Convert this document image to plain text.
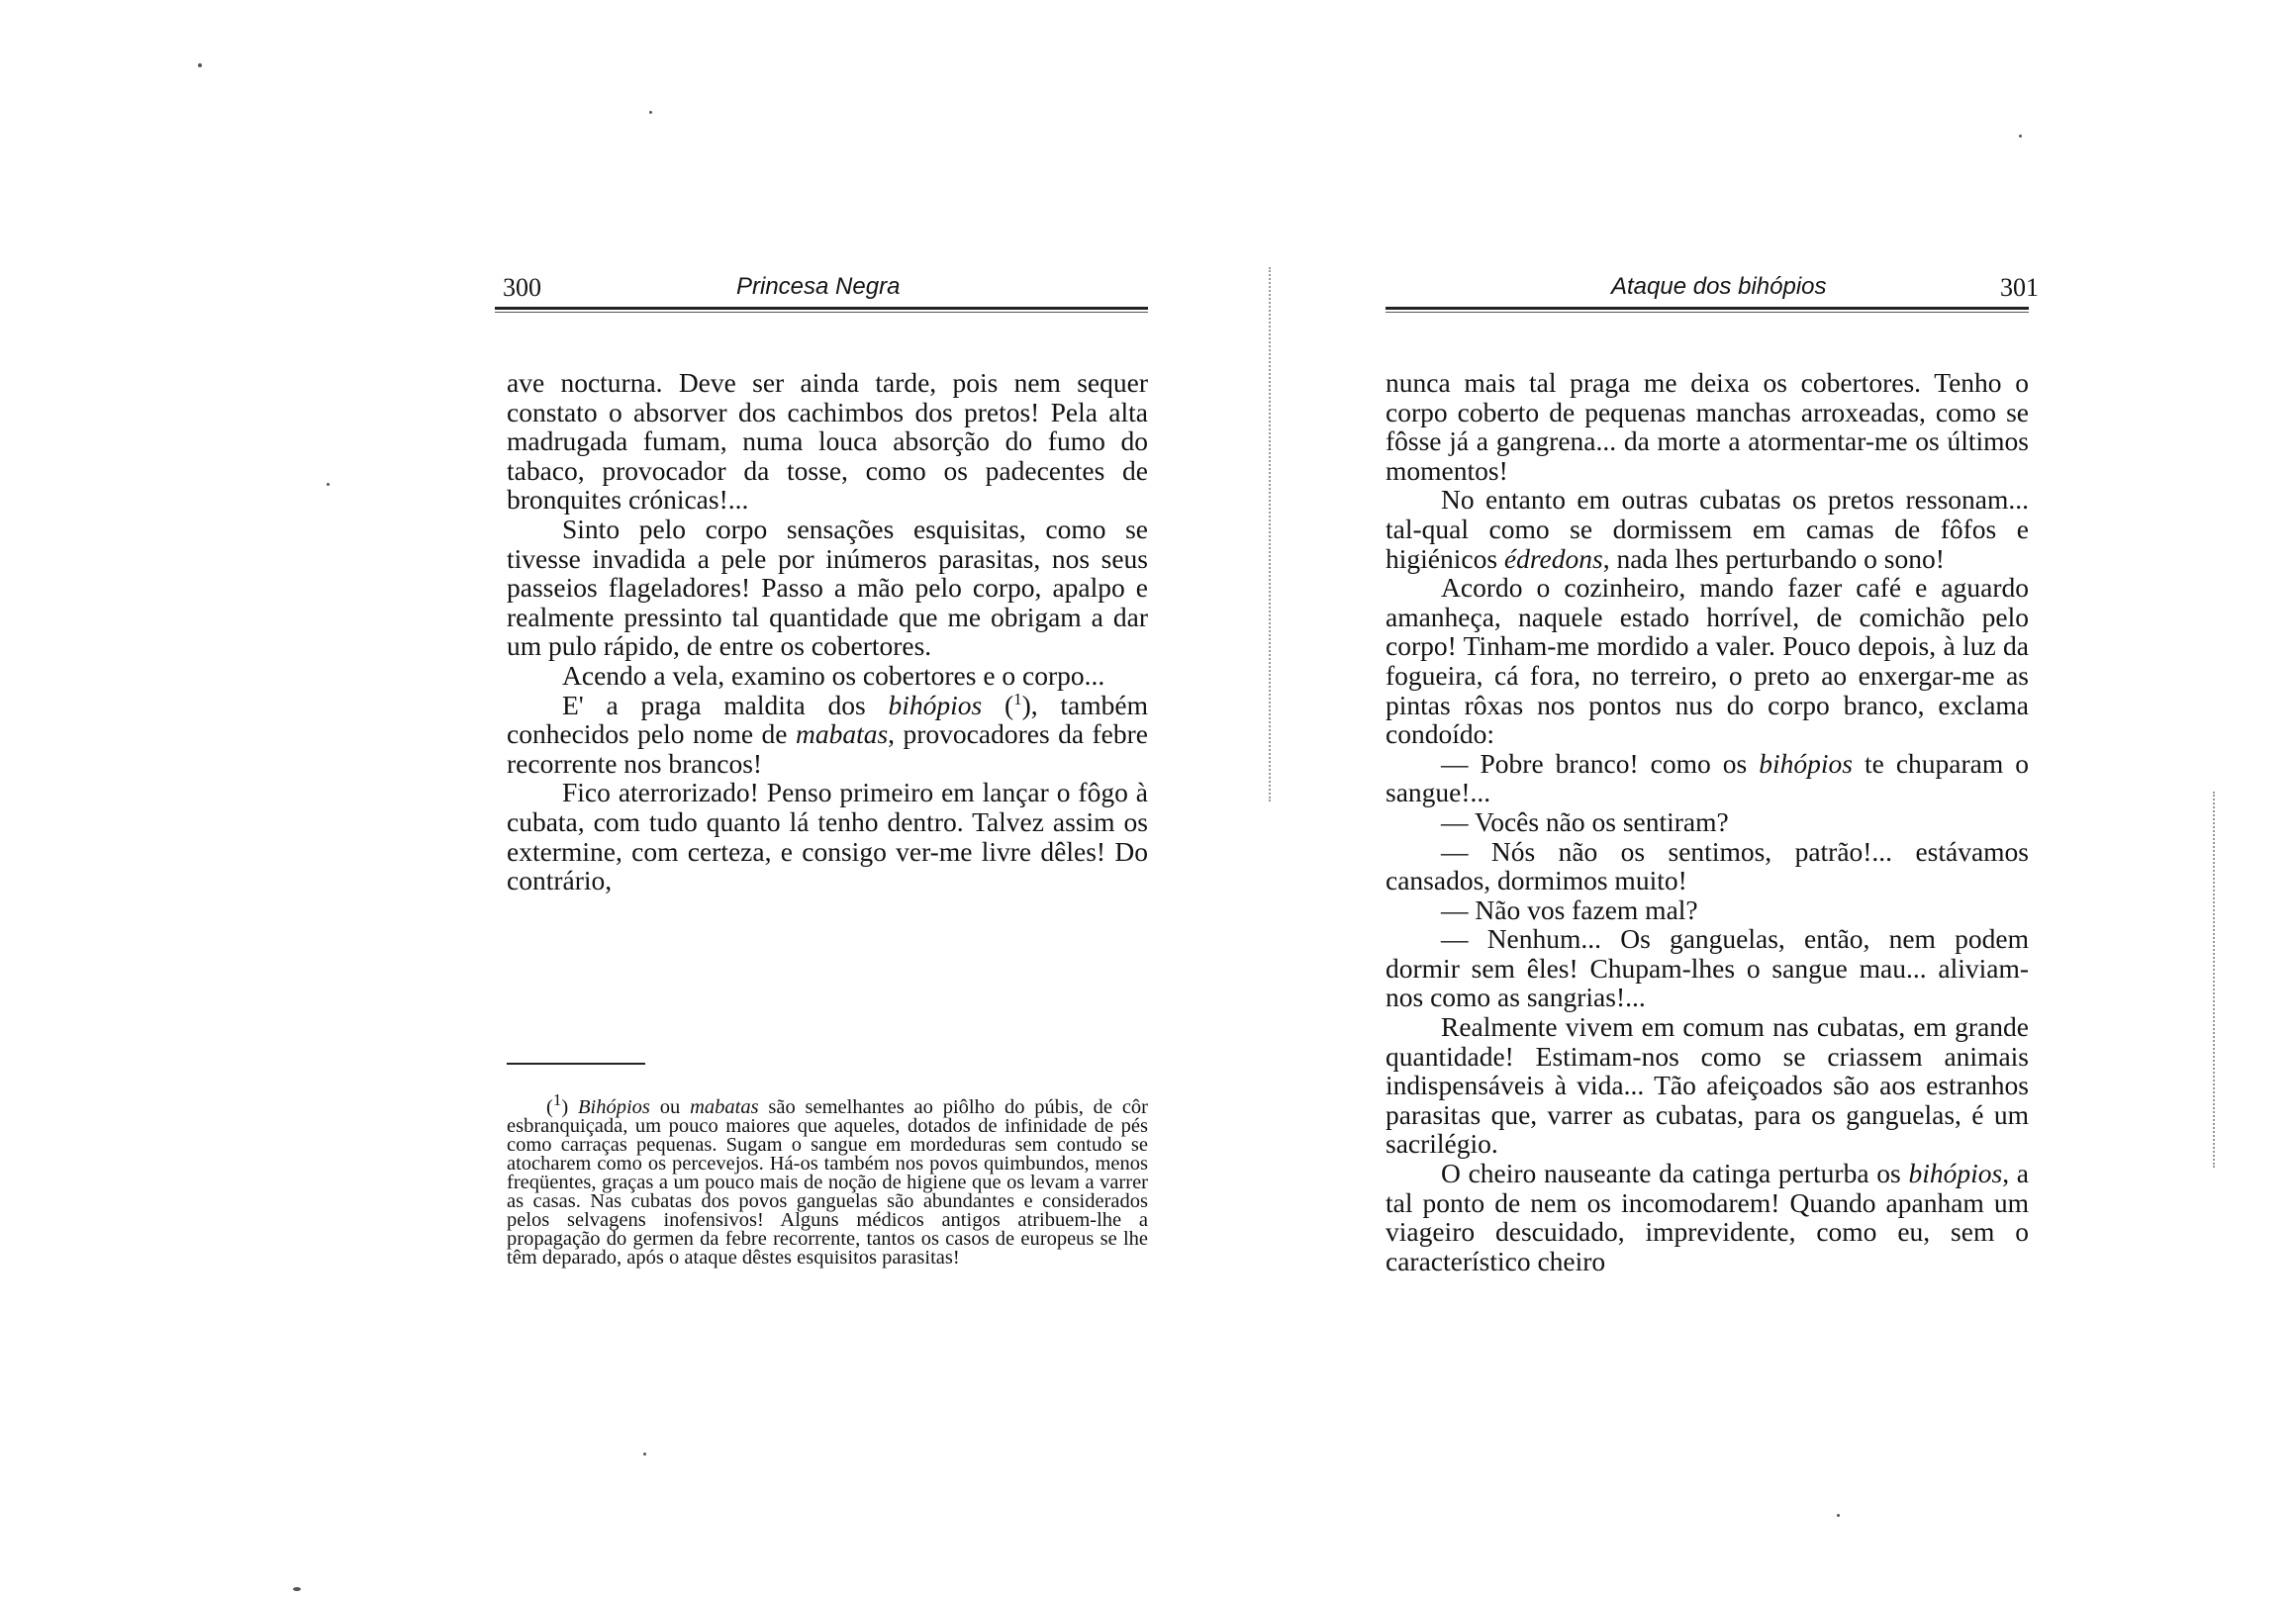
300	Princesa Negra

ave nocturna. Deve ser ainda tarde, pois nem sequer constato o absorver dos cachimbos dos pretos! Pela alta madrugada fumam, numa louca absorção do fumo do tabaco, provocador da tosse, como os padecentes de bronquites crónicas!...

Sinto pelo corpo sensações esquisitas, como se tivesse invadida a pele por inúmeros parasitas, nos seus passeios flageladores! Passo a mão pelo corpo, apalpo e realmente pressinto tal quantidade que me obrigam a dar um pulo rápido, de entre os cobertores.

Acendo a vela, examino os cobertores e o corpo...

E' a praga maldita dos bihópios ($^1$), também conhecidos pelo nome de mabatas, provocadores da febre recorrente nos brancos!

Fico aterrorizado! Penso primeiro em lançar o fôgo à cubata, com tudo quanto lá tenho dentro. Talvez assim os extermine, com certeza, e consigo ver-me livre dêles! Do contrário,

($^1$) Bihópios ou mabatas são semelhantes ao piôlho do púbis, de côr esbranquiçada, um pouco maiores que aqueles, dotados de infinidade de pés como carraças pequenas. Sugam o sangue em mordeduras sem contudo se atocharem como os percevejos. Há-os também nos povos quimbundos, menos freqüentes, graças a um pouco mais de noção de higiene que os levam a varrer as casas. Nas cubatas dos povos ganguelas são abundantes e considerados pelos selvagens inofensivos! Alguns médicos antigos atribuem-lhe a propagação do germen da febre recorrente, tantos os casos de europeus se lhe têm deparado, após o ataque dêstes esquisitos parasitas!

Ataque dos bihópios	301

nunca mais tal praga me deixa os cobertores. Tenho o corpo coberto de pequenas manchas arroxeadas, como se fôsse já a gangrena... da morte a atormentar-me os últimos momentos!

No entanto em outras cubatas os pretos ressonam... tal-qual como se dormissem em camas de fôfos e higiénicos édredons, nada lhes perturbando o sono!

Acordo o cozinheiro, mando fazer café e aguardo amanheça, naquele estado horrível, de comichão pelo corpo! Tinham-me mordido a valer. Pouco depois, à luz da fogueira, cá fora, no terreiro, o preto ao enxergar-me as pintas rôxas nos pontos nus do corpo branco, exclama condoído:

— Pobre branco! como os bihópios te chuparam o sangue!...

— Vocês não os sentiram?

— Nós não os sentimos, patrão!... estávamos cansados, dormimos muito!

— Não vos fazem mal?

— Nenhum... Os ganguelas, então, nem podem dormir sem êles! Chupam-lhes o sangue mau... aliviam-nos como as sangrias!...

Realmente vivem em comum nas cubatas, em grande quantidade! Estimam-nos como se criassem animais indispensáveis à vida... Tão afeiçoados são aos estranhos parasitas que, varrer as cubatas, para os ganguelas, é um sacrilégio.

O cheiro nauseante da catinga perturba os bihópios, a tal ponto de nem os incomodarem! Quando apanham um viageiro descuidado, imprevidente, como eu, sem o característico cheiro
